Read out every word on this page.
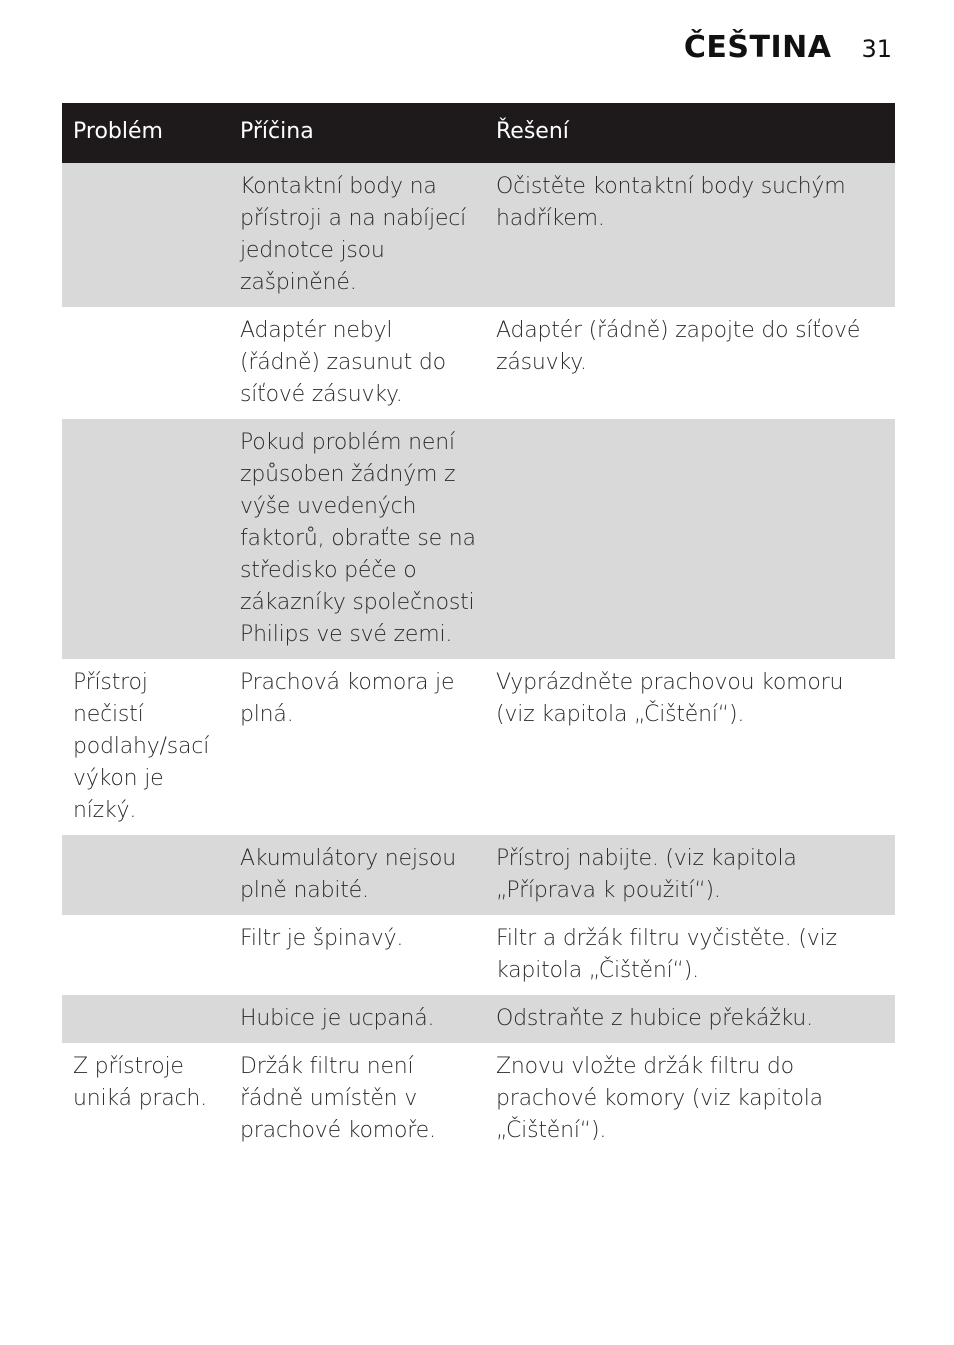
ČEŠTINA 31
Problém	Příčina	Řešení
	Kontaktní body na přístroji a na nabíjecí jednotce jsou zašpiněné.	Očistěte kontaktní body suchým hadříkem.
	Adaptér nebyl (řádně) zasunut do síťové zásuvky.	Adaptér (řádně) zapojte do síťové zásuvky.
	Pokud problém není způsoben žádným z výše uvedených faktorů, obraťte se na středisko péče o zákazníky společnosti Philips ve své zemi.	
Přístroj nečistí podlahy/sací výkon je nízký.	Prachová komora je plná.	Vyprázdněte prachovou komoru (viz kapitola „Čištění“).
	Akumulátory nejsou plně nabité.	Přístroj nabijte. (viz kapitola „Příprava k použití“).
	Filtr je špinavý.	Filtr a držák filtru vyčistěte. (viz kapitola „Čištění“).
	Hubice je ucpaná.	Odstraňte z hubice překážku.
Z přístroje uniká prach.	Držák filtru není řádně umístěn v prachové komoře.	Znovu vložte držák filtru do prachové komory (viz kapitola „Čištění“).
